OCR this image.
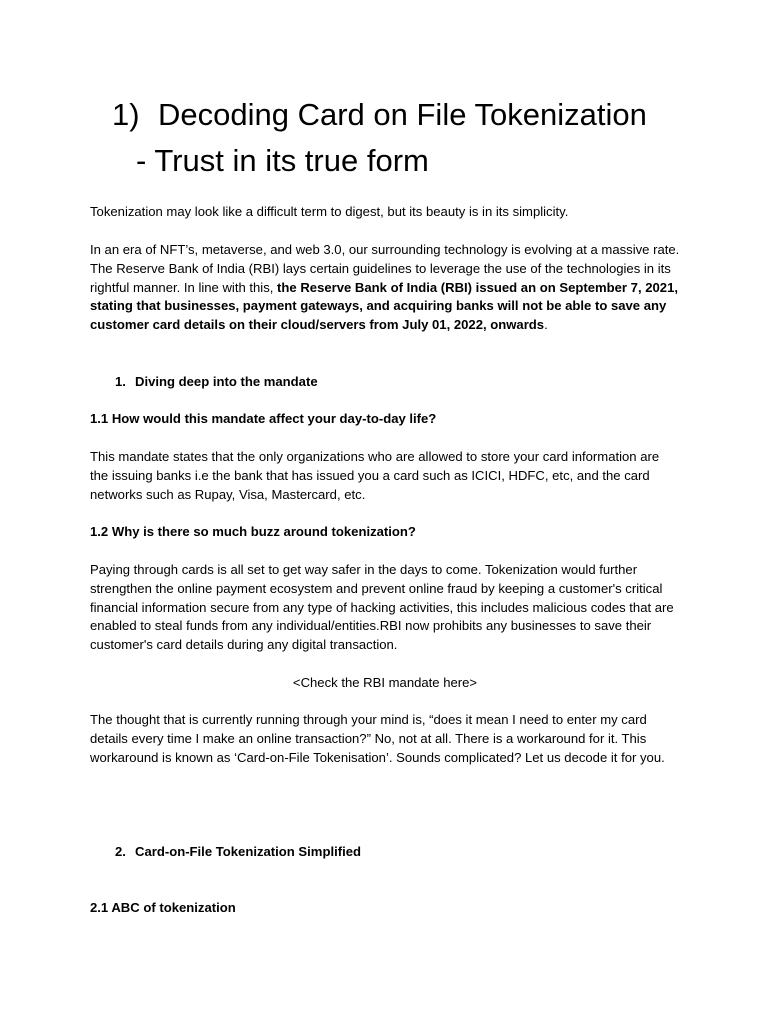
1) Decoding Card on File Tokenization
- Trust in its true form

Tokenization may look like a difficult term to digest, but its beauty is in its simplicity.

In an era of NFT’s, metaverse, and web 3.0, our surrounding technology is evolving at a massive rate. The Reserve Bank of India (RBI) lays certain guidelines to leverage the use of the technologies in its rightful manner. In line with this, the Reserve Bank of India (RBI) issued an on September 7, 2021, stating that businesses, payment gateways, and acquiring banks will not be able to save any customer card details on their cloud/servers from July 01, 2022, onwards.

1. Diving deep into the mandate

1.1 How would this mandate affect your day-to-day life?

This mandate states that the only organizations who are allowed to store your card information are the issuing banks i.e the bank that has issued you a card such as ICICI, HDFC, etc, and the card networks such as Rupay, Visa, Mastercard, etc.

1.2 Why is there so much buzz around tokenization?

Paying through cards is all set to get way safer in the days to come. Tokenization would further strengthen the online payment ecosystem and prevent online fraud by keeping a customer's critical financial information secure from any type of hacking activities, this includes malicious codes that are enabled to steal funds from any individual/entities.RBI now prohibits any businesses to save their customer's card details during any digital transaction.

<Check the RBI mandate here>

The thought that is currently running through your mind is, “does it mean I need to enter my card details every time I make an online transaction?” No, not at all. There is a workaround for it. This workaround is known as ‘Card-on-File Tokenisation’. Sounds complicated? Let us decode it for you.

2. Card-on-File Tokenization Simplified

2.1 ABC of tokenization
